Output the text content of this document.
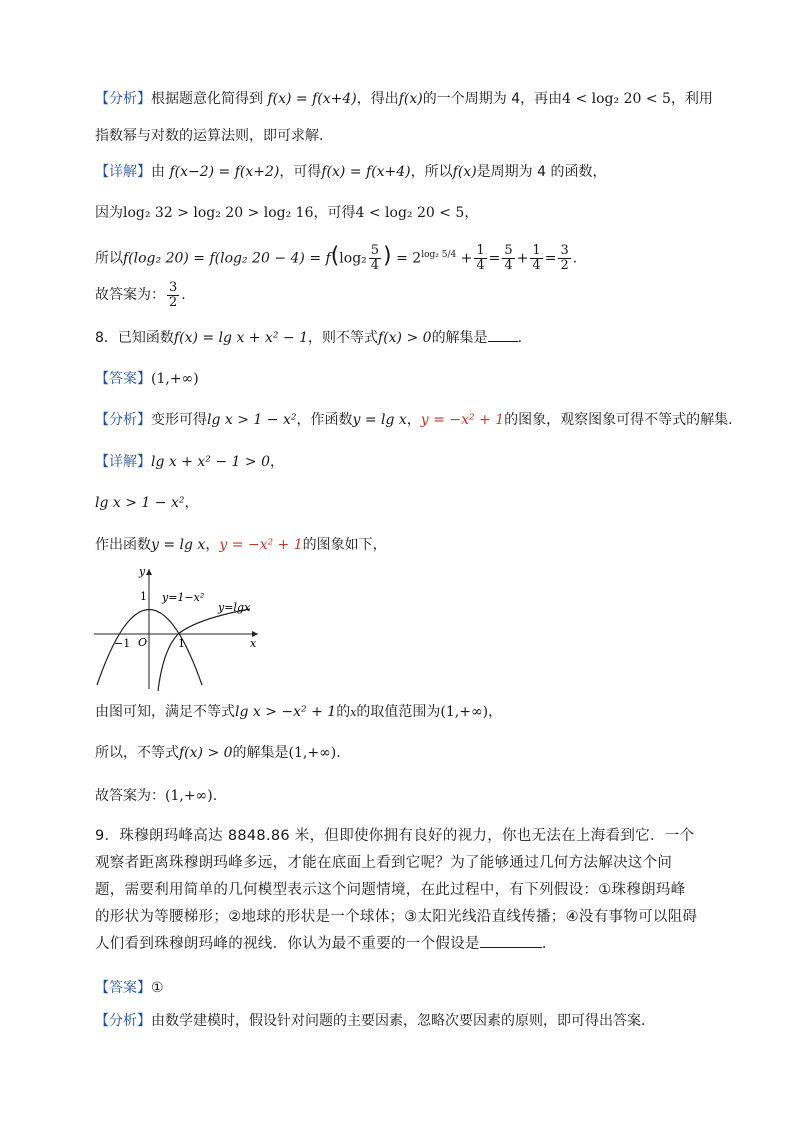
【分析】根据题意化简得到 f(x) = f(x+4)，得出f(x)的一个周期为 4，再由4 < log₂ 20 < 5，利用
指数幂与对数的运算法则，即可求解.
【详解】由 f(x−2) = f(x+2)，可得f(x) = f(x+4)，所以f(x)是周期为 4 的函数，
因为log₂ 32 > log₂ 20 > log₂ 16，可得4 < log₂ 20 < 5，
所以f(log₂ 20) = f(log₂ $20 - 4) = f(\log_2 \frac{5}{4}$ ) = $2^{log_2 5/4} + \frac{1}{4} = \frac{5}{4} + \frac{1}{4} = \frac{3}{2}$ .
故答案为： $\frac{3}{2}$ .
8．已知函数f(x) = lg x + x² − 1，则不等式f(x) > 0的解集是 .
【答案】(1,+∞)
【分析】变形可得lg x > 1 − x²，作函数y = lg x，y = −x² + 1的图象，观察图象可得不等式的解集.
【详解】lg x + x² − 1 > 0，
lg x > 1 − x²，
作出函数y = lg x，y = −x² + 1的图象如下，
y
x
O
1
1
−1
y=1−x²
y=lgx
由图可知，满足不等式lg x > −x² + 1的x的取值范围为(1,+∞)，
所以，不等式f(x) > 0的解集是(1,+∞).
故答案为：(1,+∞).
9．珠穆朗玛峰高达 8848.86 米，但即使你拥有良好的视力，你也无法在上海看到它．一个观察者距离珠穆朗玛峰多远，才能在底面上看到它呢？为了能够通过几何方法解决这个问题，需要利用简单的几何模型表示这个问题情境，在此过程中，有下列假设：①珠穆朗玛峰的形状为等腰梯形；②地球的形状是一个球体；③太阳光线沿直线传播；④没有事物可以阻碍人们看到珠穆朗玛峰的视线．你认为最不重要的一个假设是	．
【答案】①
【分析】由数学建模时，假设针对问题的主要因素，忽略次要因素的原则，即可得出答案．
